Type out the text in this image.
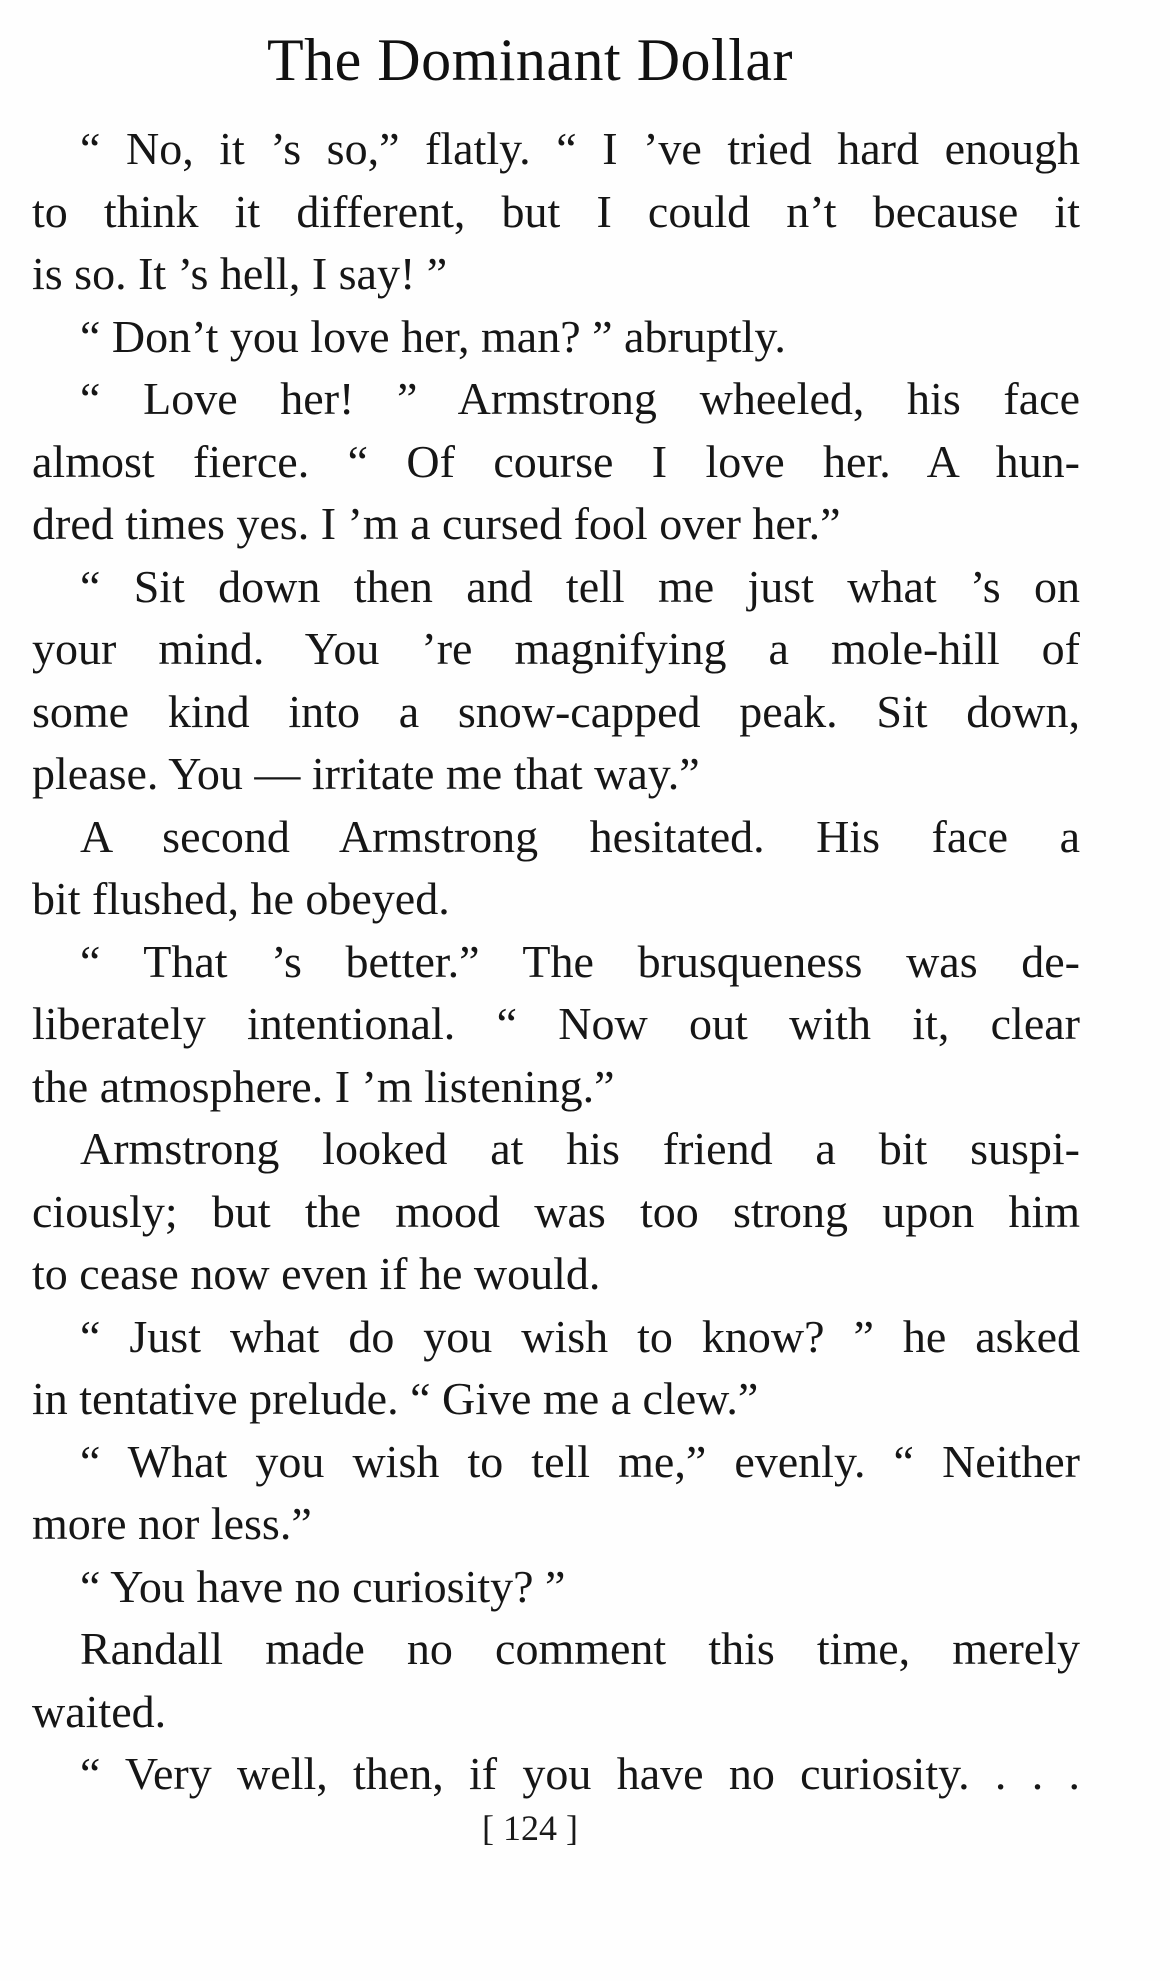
The Dominant Dollar
“ No, it ’s so,” flatly. “ I ’ve tried hard enough
to think it different, but I could n’t because it
is so. It ’s hell, I say! ”
“ Don’t you love her, man? ” abruptly.
“ Love her! ” Armstrong wheeled, his face
almost fierce. “ Of course I love her. A hun-
dred times yes. I ’m a cursed fool over her.”
“ Sit down then and tell me just what ’s on
your mind. You ’re magnifying a mole-hill of
some kind into a snow-capped peak. Sit down,
please. You — irritate me that way.”
A second Armstrong hesitated. His face a
bit flushed, he obeyed.
“ That ’s better.” The brusqueness was de-
liberately intentional. “ Now out with it, clear
the atmosphere. I ’m listening.”
Armstrong looked at his friend a bit suspi-
ciously; but the mood was too strong upon him
to cease now even if he would.
“ Just what do you wish to know? ” he asked
in tentative prelude. “ Give me a clew.”
“ What you wish to tell me,” evenly. “ Neither
more nor less.”
“ You have no curiosity? ”
Randall made no comment this time, merely
waited.
“ Very well, then, if you have no curiosity. . . .
[ 124 ]
